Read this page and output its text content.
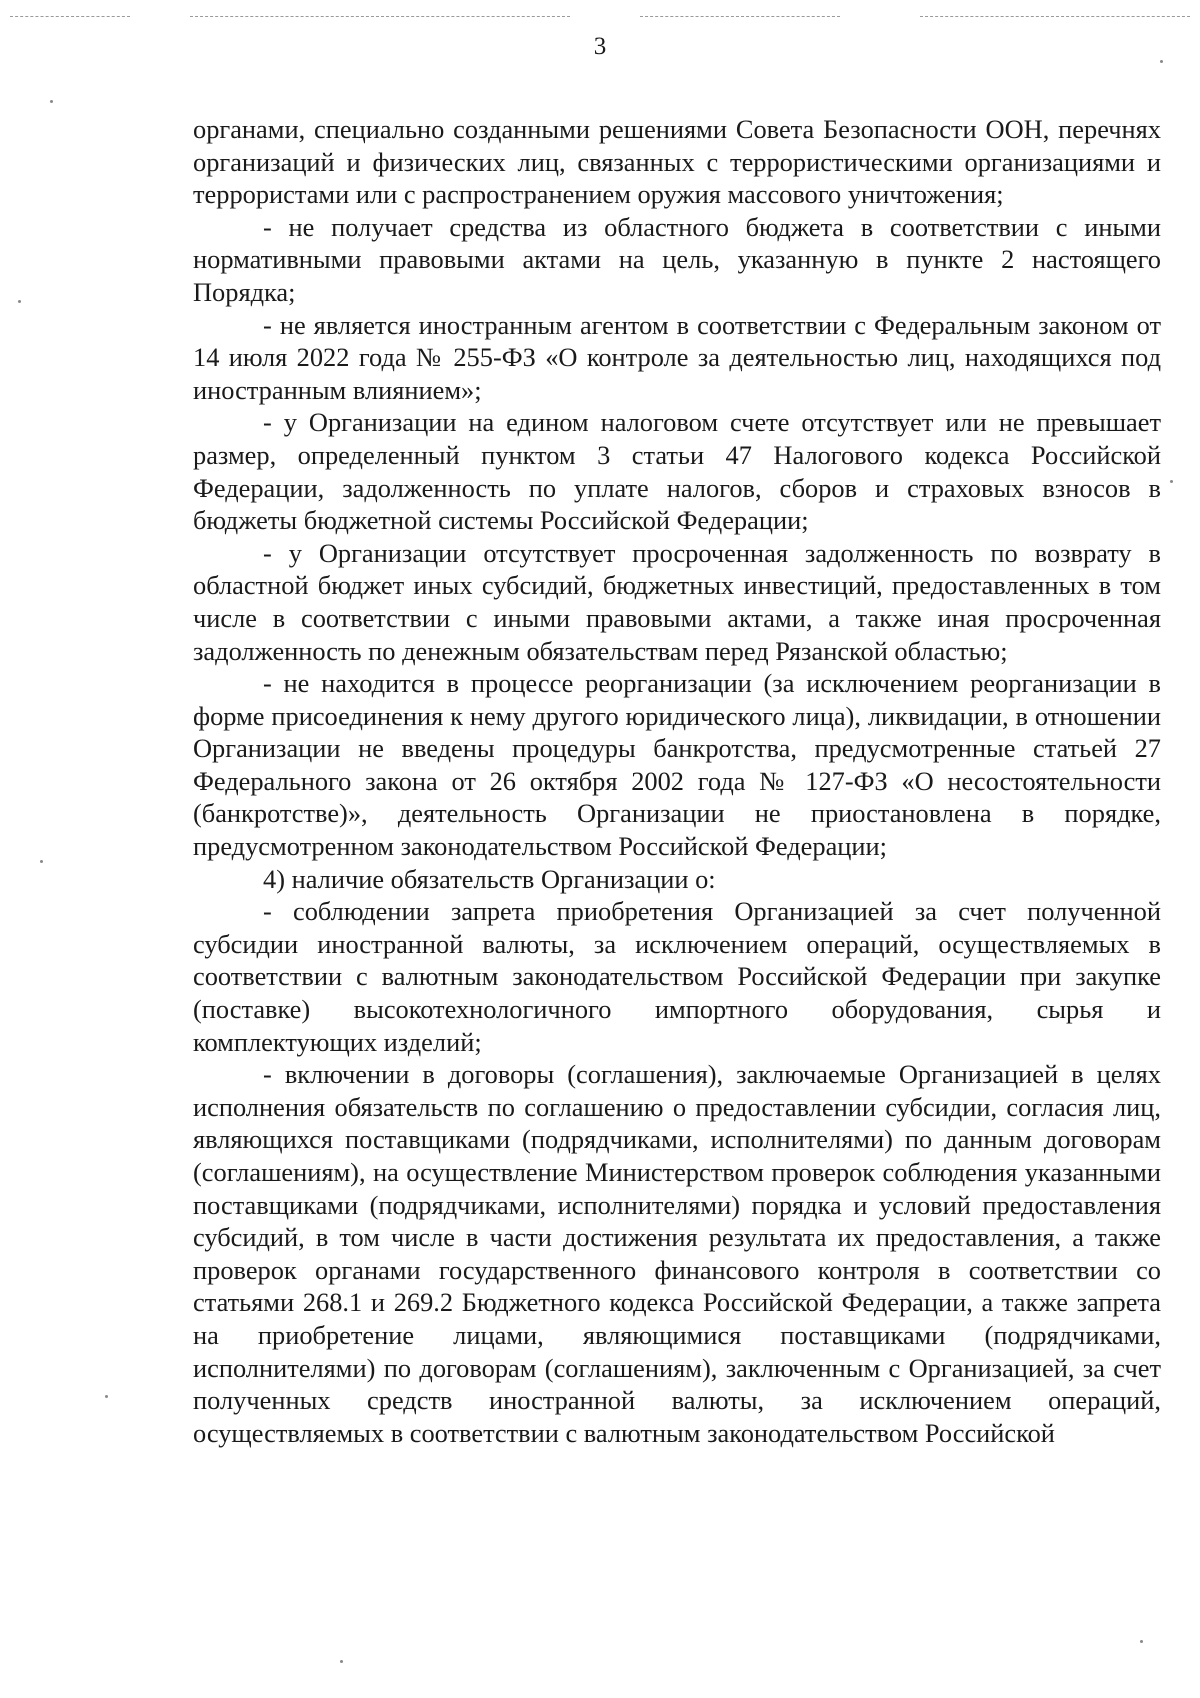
3

органами, специально созданными решениями Совета Безопасности ООН, перечнях организаций и физических лиц, связанных с террористическими организациями и террористами или с распространением оружия массового уничтожения;

- не получает средства из областного бюджета в соответствии с иными нормативными правовыми актами на цель, указанную в пункте 2 настоящего Порядка;

- не является иностранным агентом в соответствии с Федеральным законом от 14 июля 2022 года № 255-ФЗ «О контроле за деятельностью лиц, находящихся под иностранным влиянием»;

- у Организации на едином налоговом счете отсутствует или не превышает размер, определенный пунктом 3 статьи 47 Налогового кодекса Российской Федерации, задолженность по уплате налогов, сборов и страховых взносов в бюджеты бюджетной системы Российской Федерации;

- у Организации отсутствует просроченная задолженность по возврату в областной бюджет иных субсидий, бюджетных инвестиций, предоставленных в том числе в соответствии с иными правовыми актами, а также иная просроченная задолженность по денежным обязательствам перед Рязанской областью;

- не находится в процессе реорганизации (за исключением реорганизации в форме присоединения к нему другого юридического лица), ликвидации, в отношении Организации не введены процедуры банкротства, предусмотренные статьей 27 Федерального закона от 26 октября 2002 года № 127-ФЗ «О несостоятельности (банкротстве)», деятельность Организации не приостановлена в порядке, предусмотренном законодательством Российской Федерации;

4) наличие обязательств Организации о:

- соблюдении запрета приобретения Организацией за счет полученной субсидии иностранной валюты, за исключением операций, осуществляемых в соответствии с валютным законодательством Российской Федерации при закупке (поставке) высокотехнологичного импортного оборудования, сырья и комплектующих изделий;

- включении в договоры (соглашения), заключаемые Организацией в целях исполнения обязательств по соглашению о предоставлении субсидии, согласия лиц, являющихся поставщиками (подрядчиками, исполнителями) по данным договорам (соглашениям), на осуществление Министерством проверок соблюдения указанными поставщиками (подрядчиками, исполнителями) порядка и условий предоставления субсидий, в том числе в части достижения результата их предоставления, а также проверок органами государственного финансового контроля в соответствии со статьями 268.1 и 269.2 Бюджетного кодекса Российской Федерации, а также запрета на приобретение лицами, являющимися поставщиками (подрядчиками, исполнителями) по договорам (соглашениям), заключенным с Организацией, за счет полученных средств иностранной валюты, за исключением операций, осуществляемых в соответствии с валютным законодательством Российской
